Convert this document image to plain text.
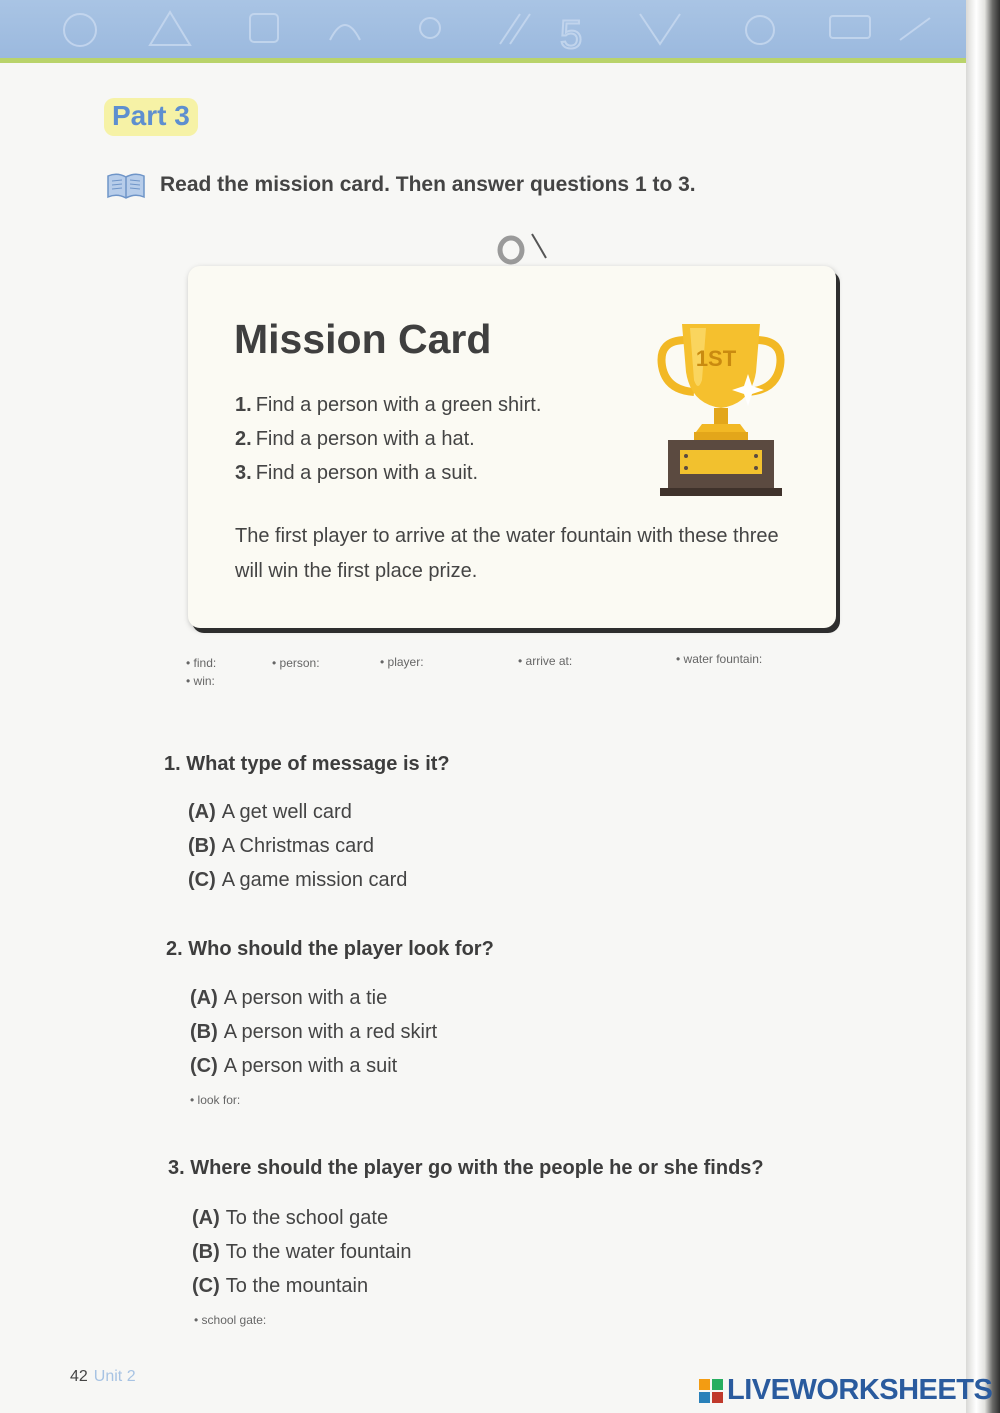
5
Part 3
Read the mission card. Then answer questions 1 to 3.
Mission Card
1. Find a person with a green shirt.
2. Find a person with a hat.
3. Find a person with a suit.
The first player to arrive at the water fountain with these three will win the first place prize.
1ST
• find:	• person:	• player:	• arrive at:	• water fountain:
• win:
1. What type of message is it?
(A) A get well card
(B) A Christmas card
(C) A game mission card
2. Who should the player look for?
(A) A person with a tie
(B) A person with a red skirt
(C) A person with a suit
• look for:
3. Where should the player go with the people he or she finds?
(A) To the school gate
(B) To the water fountain
(C) To the mountain
• school gate:
42 Unit 2	LIVEWORKSHEETS
